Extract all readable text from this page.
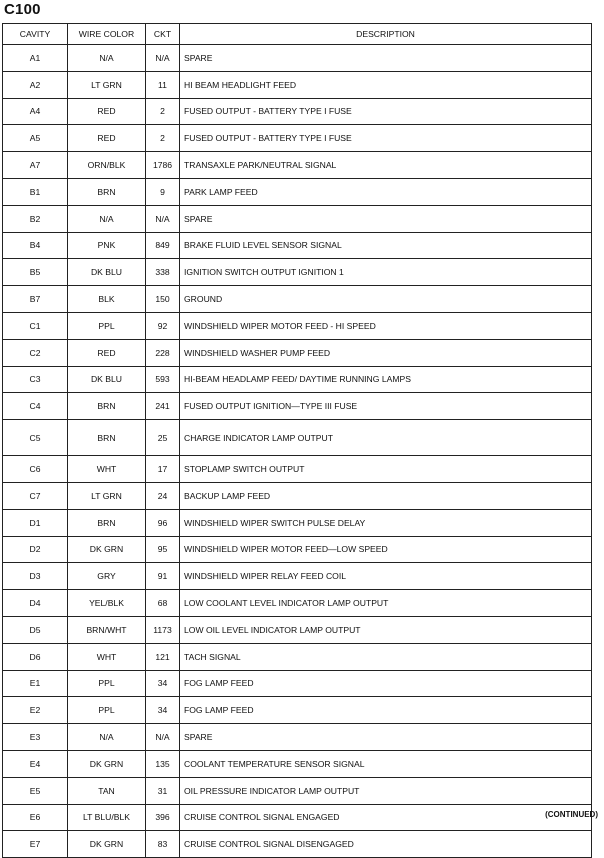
C100
CAVITY	WIRE COLOR	CKT	DESCRIPTION
A1	N/A	N/A	SPARE
A2	LT GRN	11	HI BEAM HEADLIGHT FEED
A4	RED	2	FUSED OUTPUT - BATTERY TYPE I FUSE
A5	RED	2	FUSED OUTPUT - BATTERY TYPE I FUSE
A7	ORN/BLK	1786	TRANSAXLE PARK/NEUTRAL SIGNAL
B1	BRN	9	PARK LAMP FEED
B2	N/A	N/A	SPARE
B4	PNK	849	BRAKE FLUID LEVEL SENSOR SIGNAL
B5	DK BLU	338	IGNITION SWITCH OUTPUT IGNITION 1
B7	BLK	150	GROUND
C1	PPL	92	WINDSHIELD WIPER MOTOR FEED - HI SPEED
C2	RED	228	WINDSHIELD WASHER PUMP FEED
C3	DK BLU	593	HI-BEAM HEADLAMP FEED/ DAYTIME RUNNING LAMPS
C4	BRN	241	FUSED OUTPUT IGNITION—TYPE III FUSE
C5	BRN	25	CHARGE INDICATOR LAMP OUTPUT
C6	WHT	17	STOPLAMP SWITCH OUTPUT
C7	LT GRN	24	BACKUP LAMP FEED
D1	BRN	96	WINDSHIELD WIPER SWITCH PULSE DELAY
D2	DK GRN	95	WINDSHIELD WIPER MOTOR FEED—LOW SPEED
D3	GRY	91	WINDSHIELD WIPER RELAY FEED COIL
D4	YEL/BLK	68	LOW COOLANT LEVEL INDICATOR LAMP OUTPUT
D5	BRN/WHT	1173	LOW OIL LEVEL INDICATOR LAMP OUTPUT
D6	WHT	121	TACH SIGNAL
E1	PPL	34	FOG LAMP FEED
E2	PPL	34	FOG LAMP FEED
E3	N/A	N/A	SPARE
E4	DK GRN	135	COOLANT TEMPERATURE SENSOR SIGNAL
E5	TAN	31	OIL PRESSURE INDICATOR LAMP OUTPUT
E6	LT BLU/BLK	396	CRUISE CONTROL SIGNAL ENGAGED
E7	DK GRN	83	CRUISE CONTROL SIGNAL DISENGAGED
(CONTINUED)
